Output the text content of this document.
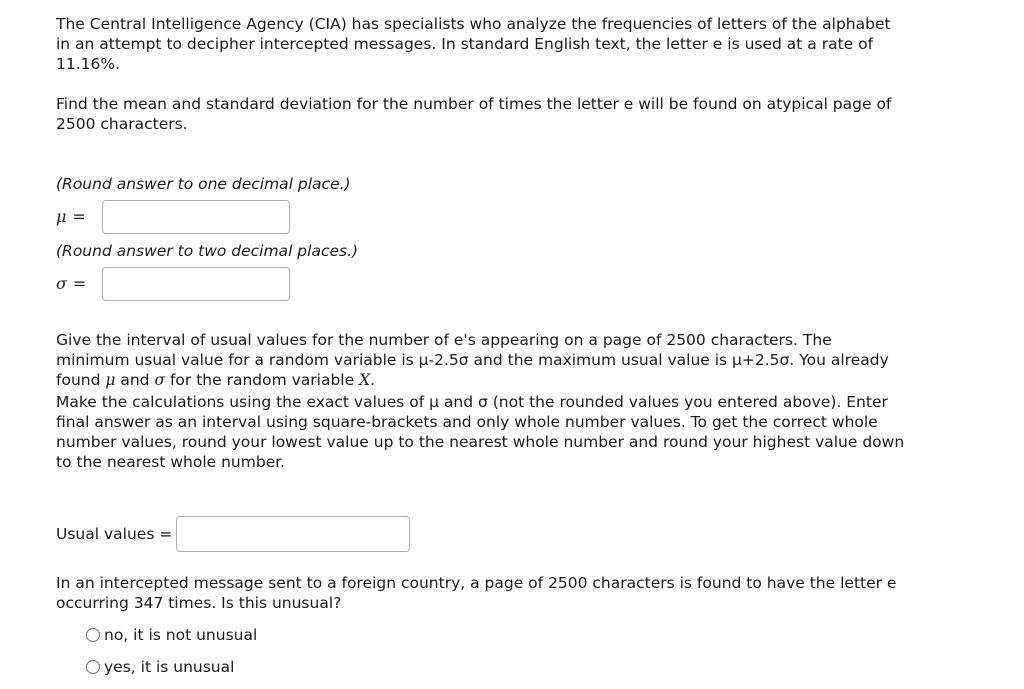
The Central Intelligence Agency (CIA) has specialists who analyze the frequencies of letters of the alphabet in an attempt to decipher intercepted messages. In standard English text, the letter e is used at a rate of 11.16%.

Find the mean and standard deviation for the number of times the letter e will be found on atypical page of 2500 characters.

(Round answer to one decimal place.)

μ =

(Round answer to two decimal places.)

σ =

Give the interval of usual values for the number of e's appearing on a page of 2500 characters. The minimum usual value for a random variable is μ-2.5σ and the maximum usual value is μ+2.5σ. You already found μ and σ for the random variable X.

Make the calculations using the exact values of μ and σ (not the rounded values you entered above). Enter final answer as an interval using square-brackets and only whole number values. To get the correct whole number values, round your lowest value up to the nearest whole number and round your highest value down to the nearest whole number.

Usual values =

In an intercepted message sent to a foreign country, a page of 2500 characters is found to have the letter e occurring 347 times. Is this unusual?

no, it is not unusual
yes, it is unusual
